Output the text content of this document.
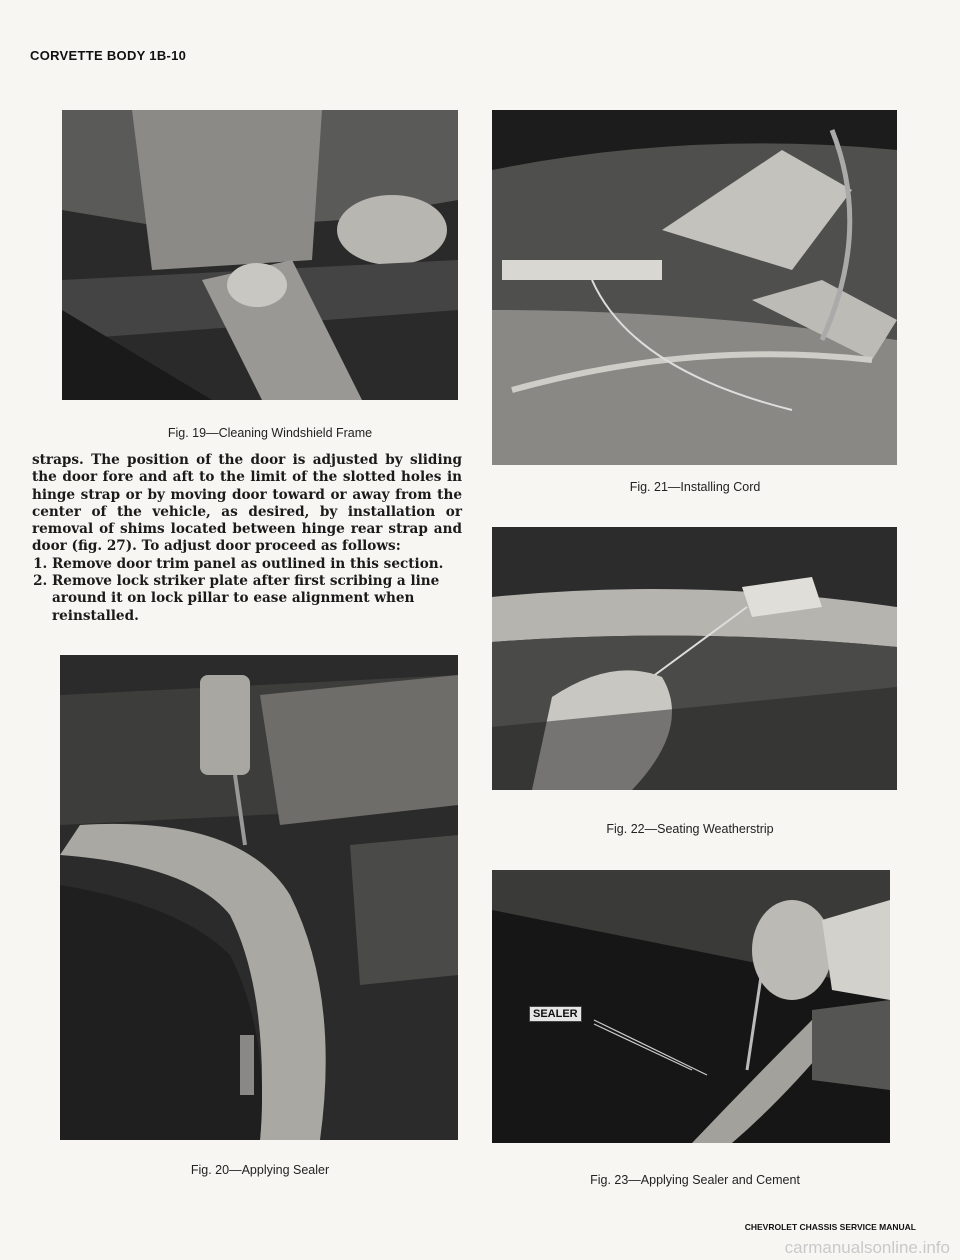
CORVETTE BODY 1B-10
Fig. 19—Cleaning Windshield Frame

straps. The position of the door is adjusted by sliding the door fore and aft to the limit of the slotted holes in hinge strap or by moving door toward or away from the center of the vehicle, as desired, by installation or removal of shims located between hinge rear strap and door (fig. 27). To adjust door proceed as follows:

1. Remove door trim panel as outlined in this section.
2. Remove lock striker plate after first scribing a line around it on lock pillar to ease alignment when reinstalled.
Fig. 20—Applying Sealer
Fig. 21—Installing Cord
Fig. 22—Seating Weatherstrip
SEALER
Fig. 23—Applying Sealer and Cement
CHEVROLET CHASSIS SERVICE MANUAL
carmanualsonline.info
